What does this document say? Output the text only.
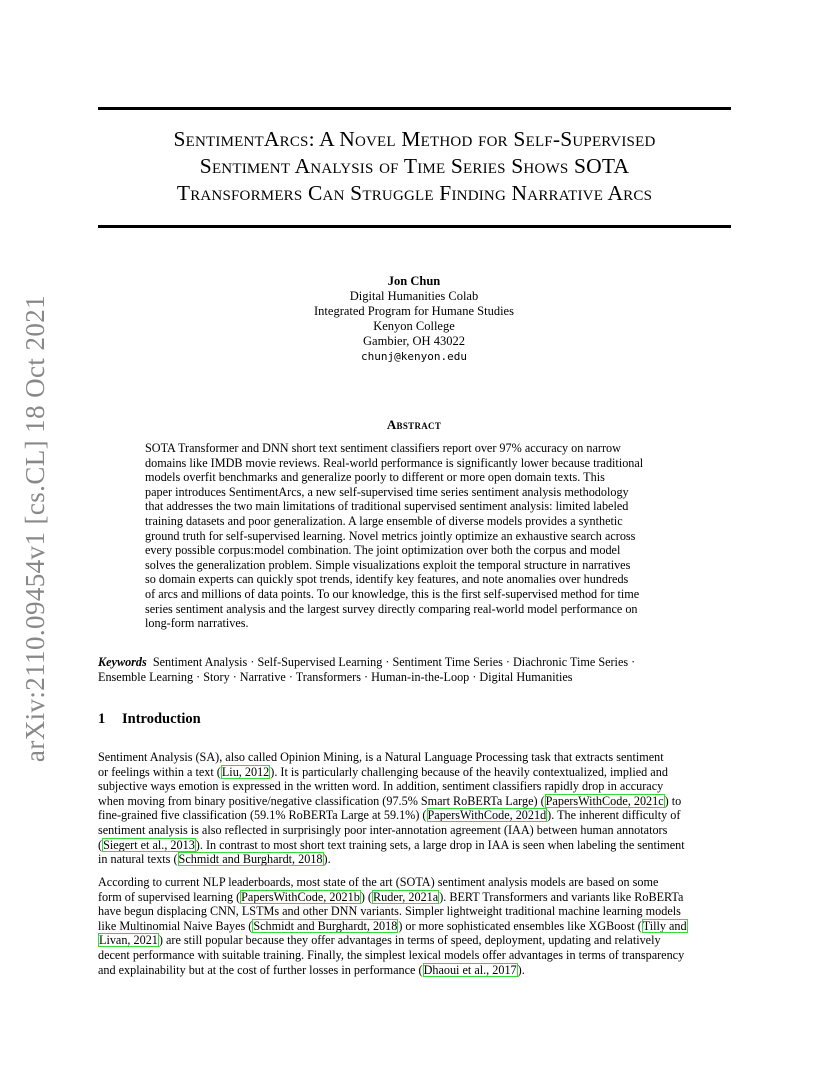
arXiv:2110.09454v1 [cs.CL] 18 Oct 2021
SentimentArcs: A Novel Method for Self-Supervised
Sentiment Analysis of Time Series Shows SOTA
Transformers Can Struggle Finding Narrative Arcs
Jon Chun
Digital Humanities Colab
Integrated Program for Humane Studies
Kenyon College
Gambier, OH 43022
chunj@kenyon.edu
Abstract
SOTA Transformer and DNN short text sentiment classifiers report over 97% accuracy on narrow
domains like IMDB movie reviews. Real-world performance is significantly lower because traditional
models overfit benchmarks and generalize poorly to different or more open domain texts. This
paper introduces SentimentArcs, a new self-supervised time series sentiment analysis methodology
that addresses the two main limitations of traditional supervised sentiment analysis: limited labeled
training datasets and poor generalization. A large ensemble of diverse models provides a synthetic
ground truth for self-supervised learning. Novel metrics jointly optimize an exhaustive search across
every possible corpus:model combination. The joint optimization over both the corpus and model
solves the generalization problem. Simple visualizations exploit the temporal structure in narratives
so domain experts can quickly spot trends, identify key features, and note anomalies over hundreds
of arcs and millions of data points. To our knowledge, this is the first self-supervised method for time
series sentiment analysis and the largest survey directly comparing real-world model performance on
long-form narratives.
Keywords Sentiment Analysis · Self-Supervised Learning · Sentiment Time Series · Diachronic Time Series ·
Ensemble Learning · Story · Narrative · Transformers · Human-in-the-Loop · Digital Humanities
1 Introduction
Sentiment Analysis (SA), also called Opinion Mining, is a Natural Language Processing task that extracts sentiment
or feelings within a text (Liu, 2012). It is particularly challenging because of the heavily contextualized, implied and
subjective ways emotion is expressed in the written word. In addition, sentiment classifiers rapidly drop in accuracy
when moving from binary positive/negative classification (97.5% Smart RoBERTa Large) (PapersWithCode, 2021c) to
fine-grained five classification (59.1% RoBERTa Large at 59.1%) (PapersWithCode, 2021d). The inherent difficulty of
sentiment analysis is also reflected in surprisingly poor inter-annotation agreement (IAA) between human annotators
(Siegert et al., 2013). In contrast to most short text training sets, a large drop in IAA is seen when labeling the sentiment
in natural texts (Schmidt and Burghardt, 2018).
According to current NLP leaderboards, most state of the art (SOTA) sentiment analysis models are based on some
form of supervised learning (PapersWithCode, 2021b) (Ruder, 2021a). BERT Transformers and variants like RoBERTa
have begun displacing CNN, LSTMs and other DNN variants. Simpler lightweight traditional machine learning models
like Multinomial Naive Bayes (Schmidt and Burghardt, 2018) or more sophisticated ensembles like XGBoost (Tilly and
Livan, 2021) are still popular because they offer advantages in terms of speed, deployment, updating and relatively
decent performance with suitable training. Finally, the simplest lexical models offer advantages in terms of transparency
and explainability but at the cost of further losses in performance (Dhaoui et al., 2017).
